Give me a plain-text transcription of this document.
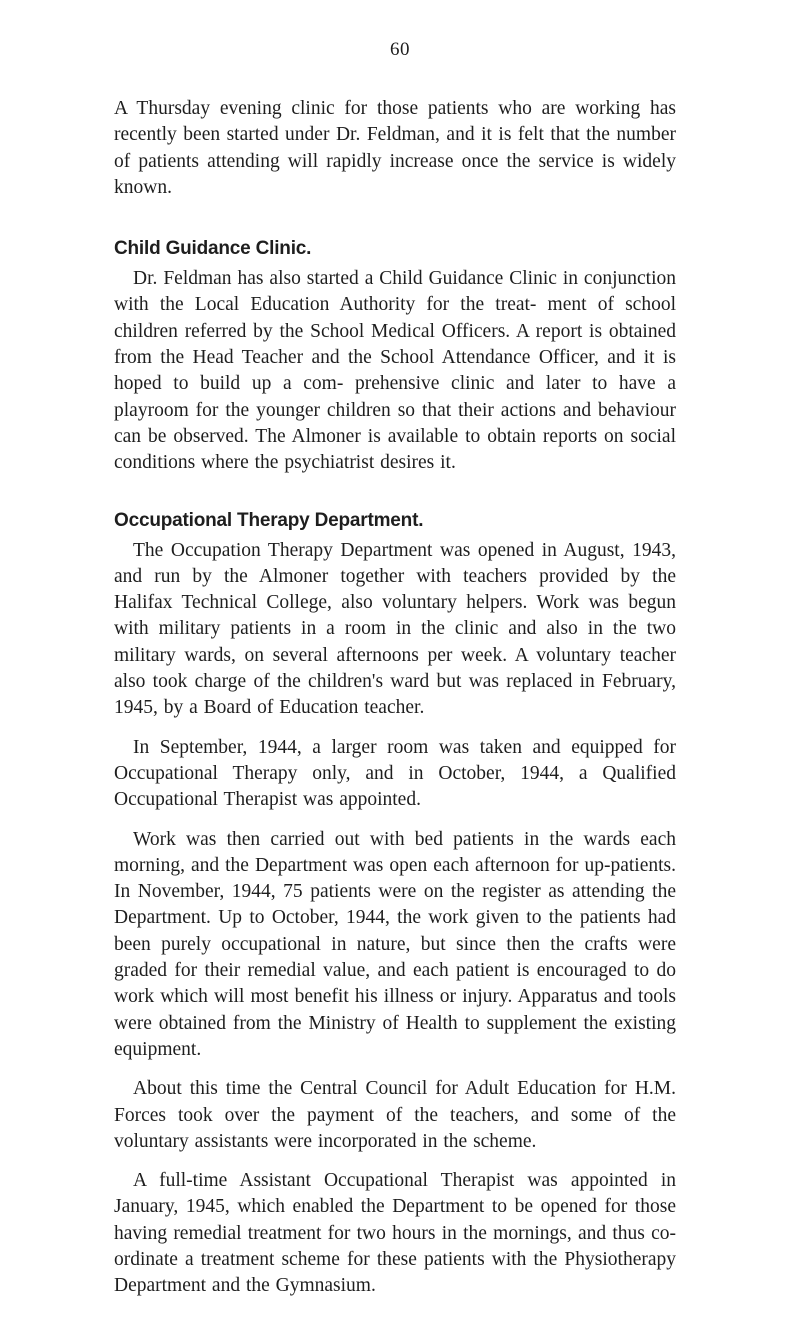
60

A Thursday evening clinic for those patients who are working has recently been started under Dr. Feldman, and it is felt that the number of patients attending will rapidly increase once the service is widely known.

Child Guidance Clinic.

Dr. Feldman has also started a Child Guidance Clinic in conjunction with the Local Education Authority for the treat- ment of school children referred by the School Medical Officers. A report is obtained from the Head Teacher and the School Attendance Officer, and it is hoped to build up a com- prehensive clinic and later to have a playroom for the younger children so that their actions and behaviour can be observed. The Almoner is available to obtain reports on social conditions where the psychiatrist desires it.

Occupational Therapy Department.

The Occupation Therapy Department was opened in August, 1943, and run by the Almoner together with teachers provided by the Halifax Technical College, also voluntary helpers. Work was begun with military patients in a room in the clinic and also in the two military wards, on several afternoons per week. A voluntary teacher also took charge of the children's ward but was replaced in February, 1945, by a Board of Education teacher.

In September, 1944, a larger room was taken and equipped for Occupational Therapy only, and in October, 1944, a Qualified Occupational Therapist was appointed.

Work was then carried out with bed patients in the wards each morning, and the Department was open each afternoon for up-patients. In November, 1944, 75 patients were on the register as attending the Department. Up to October, 1944, the work given to the patients had been purely occupational in nature, but since then the crafts were graded for their remedial value, and each patient is encouraged to do work which will most benefit his illness or injury. Apparatus and tools were obtained from the Ministry of Health to supplement the existing equipment.

About this time the Central Council for Adult Education for H.M. Forces took over the payment of the teachers, and some of the voluntary assistants were incorporated in the scheme.

A full-time Assistant Occupational Therapist was appointed in January, 1945, which enabled the Department to be opened for those having remedial treatment for two hours in the mornings, and thus co-ordinate a treatment scheme for these patients with the Physiotherapy Department and the Gymnasium.
